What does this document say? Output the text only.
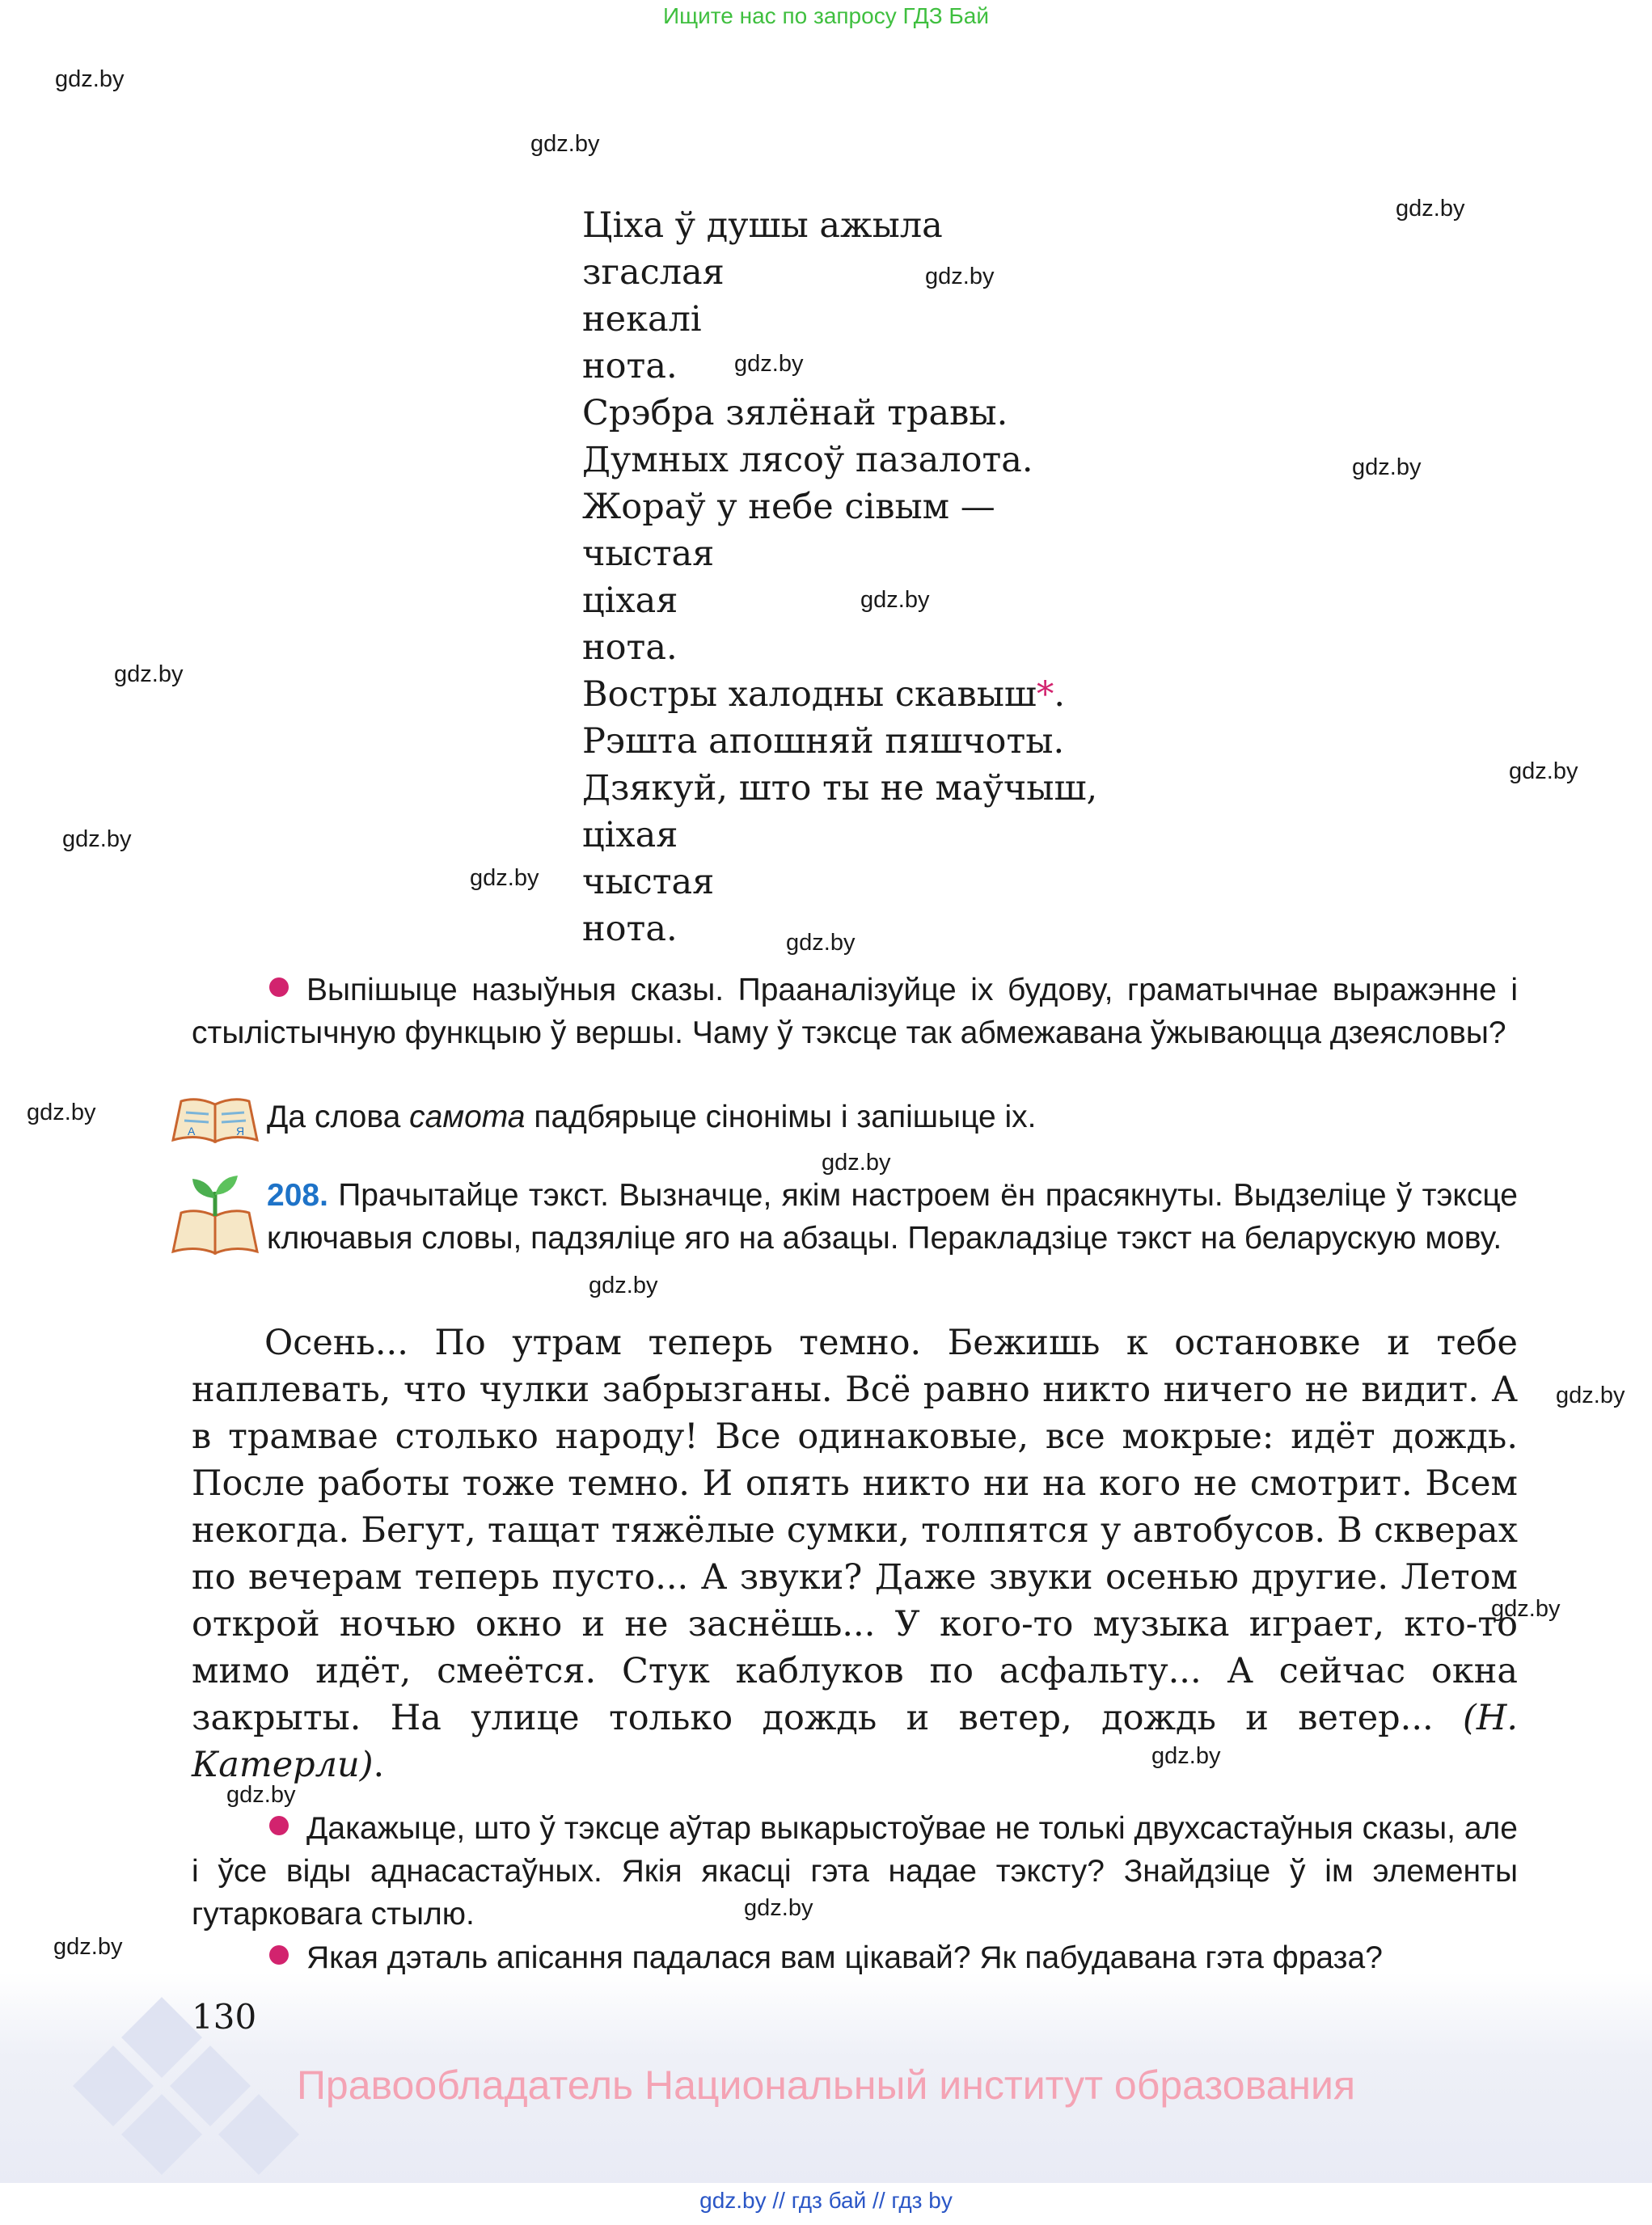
Ищите нас по запросу ГДЗ Бай
gdz.by
gdz.by
gdz.by
gdz.by
gdz.by
gdz.by
gdz.by
gdz.by
gdz.by
gdz.by
gdz.by
gdz.by
gdz.by
gdz.by
gdz.by
gdz.by
gdz.by
gdz.by
gdz.by
gdz.by
gdz.by
Ціха ў душы ажыла
згаслая
некалі
нота.
Срэбра зялёнай травы.
Думных лясоў пазалота.
Жораў у небе сівым —
чыстая
ціхая
нота.
Востры халодны скавыш*.
Рэшта апошняй пяшчоты.
Дзякуй, што ты не маўчыш,
ціхая
чыстая
нота.
Выпішыце назыўныя сказы. Прааналізуйце іх будову, граматычнае выражэнне і стылістычную функцыю ў вершы. Чаму ў тэксце так абмежавана ўжываюцца дзеясловы?
А	Я Да слова самота падбярыце сінонімы і запішыце іх.
208. Прачытайце тэкст. Вызначце, якім настроем ён прасякнуты. Выдзеліце ў тэксце ключавыя словы, падзяліце яго на абзацы. Перакладзіце тэкст на беларускую мову.

Осень... По утрам теперь темно. Бежишь к остановке и тебе наплевать, что чулки забрызганы. Всё равно никто ничего не видит. А в трамвае столько народу! Все одинаковые, все мокрые: идёт дождь. После работы тоже темно. И опять никто ни на кого не смотрит. Всем некогда. Бегут, тащат тяжёлые сумки, толпятся у автобусов. В скверах по вечерам теперь пусто... А звуки? Даже звуки осенью другие. Летом открой ночью окно и не заснёшь... У кого-то музыка играет, кто-то мимо идёт, смеётся. Стук каблуков по асфальту... А сейчас окна закрыты. На улице только дождь и ветер, дождь и ветер... (Н. Катерли).

Дакажыце, што ў тэксце аўтар выкарыстоўвае не толькі двухсастаўныя сказы, але і ўсе віды аднасастаўных. Якія якасці гэта надае тэксту? Знайдзіце ў ім элементы гутарковага стылю.
Якая дэталь апісання падалася вам цікавай? Як пабудавана гэта фраза?
130
Правообладатель Национальный институт образования
gdz.by // гдз бай // гдз by
